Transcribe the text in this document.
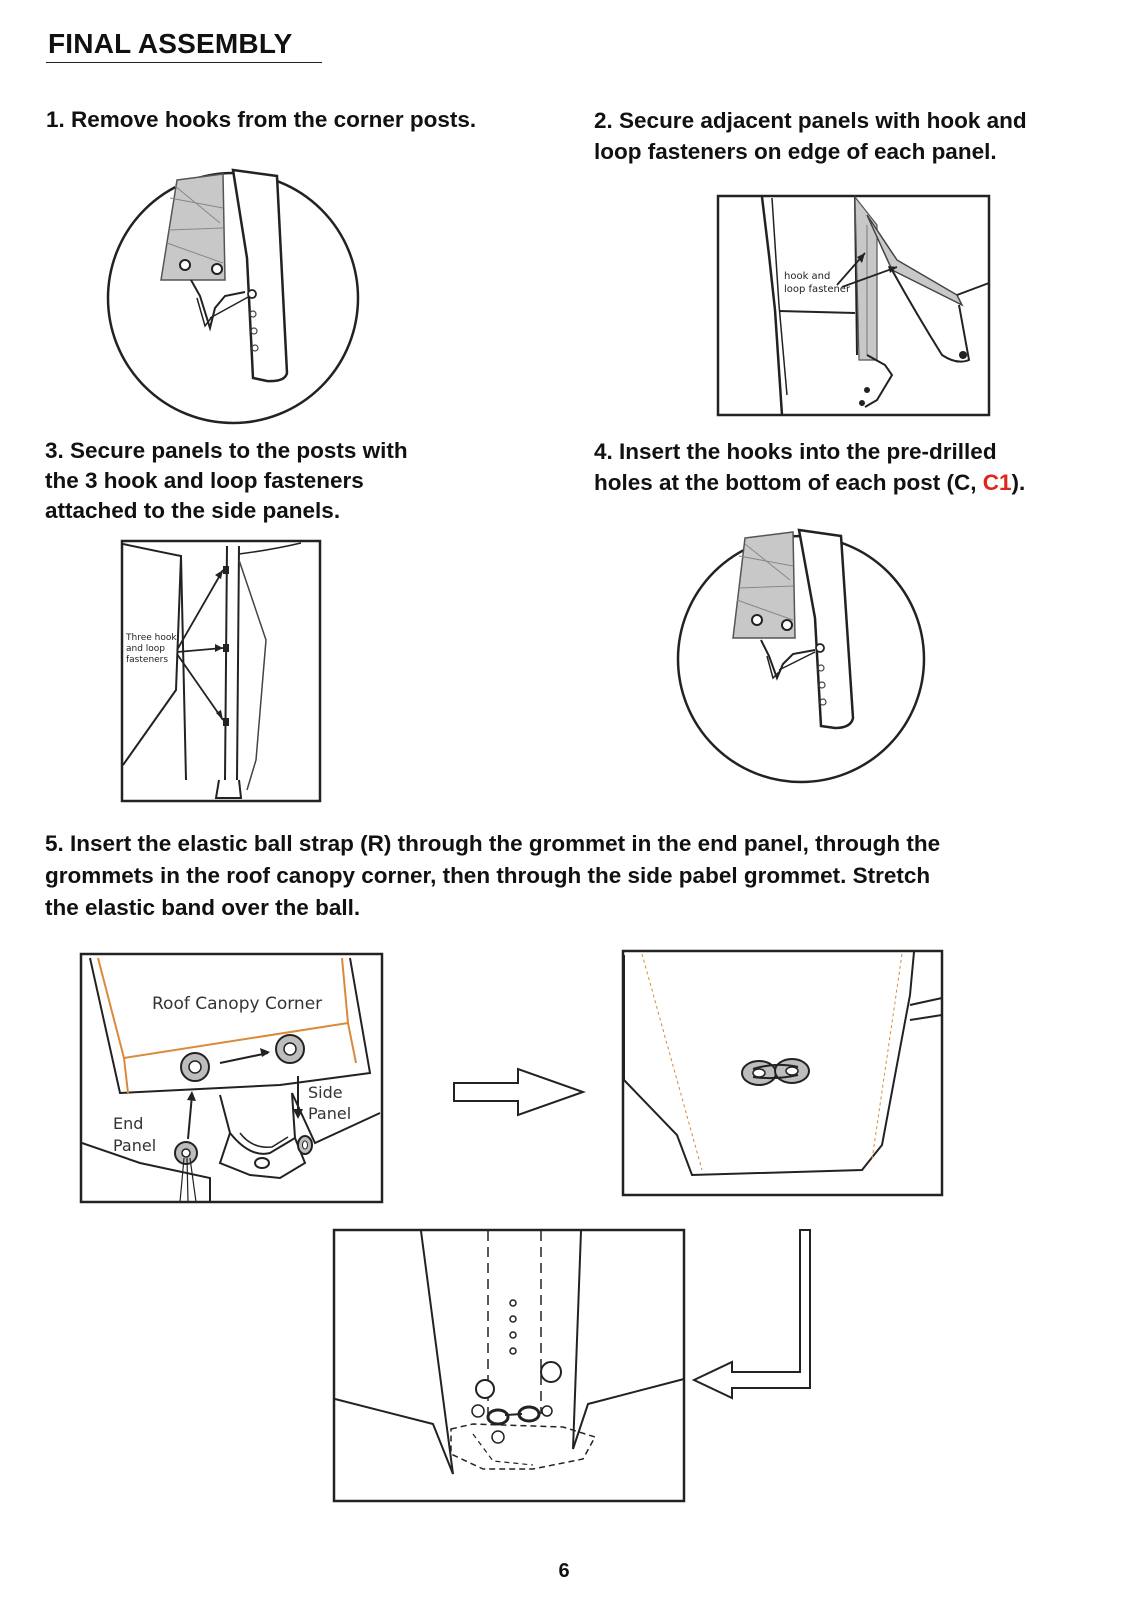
FINAL ASSEMBLY
1. Remove hooks from the corner posts.	2. Secure adjacent panels with hook and
loop fasteners on edge of each panel.
3. Secure panels to the posts with
the 3 hook and loop fasteners
attached to the side panels.
4. Insert the hooks into the pre-drilled
holes at the bottom of each post (C, C1).
5. Insert the elastic ball strap (R) through the grommet in the end panel, through the
grommets in the roof canopy corner, then through the side pabel grommet. Stretch
the elastic band over the ball.
hook and
loop fastener
Three hook
and loop
fasteners
Roof Canopy Corner
End
Panel
Side
Panel
6
